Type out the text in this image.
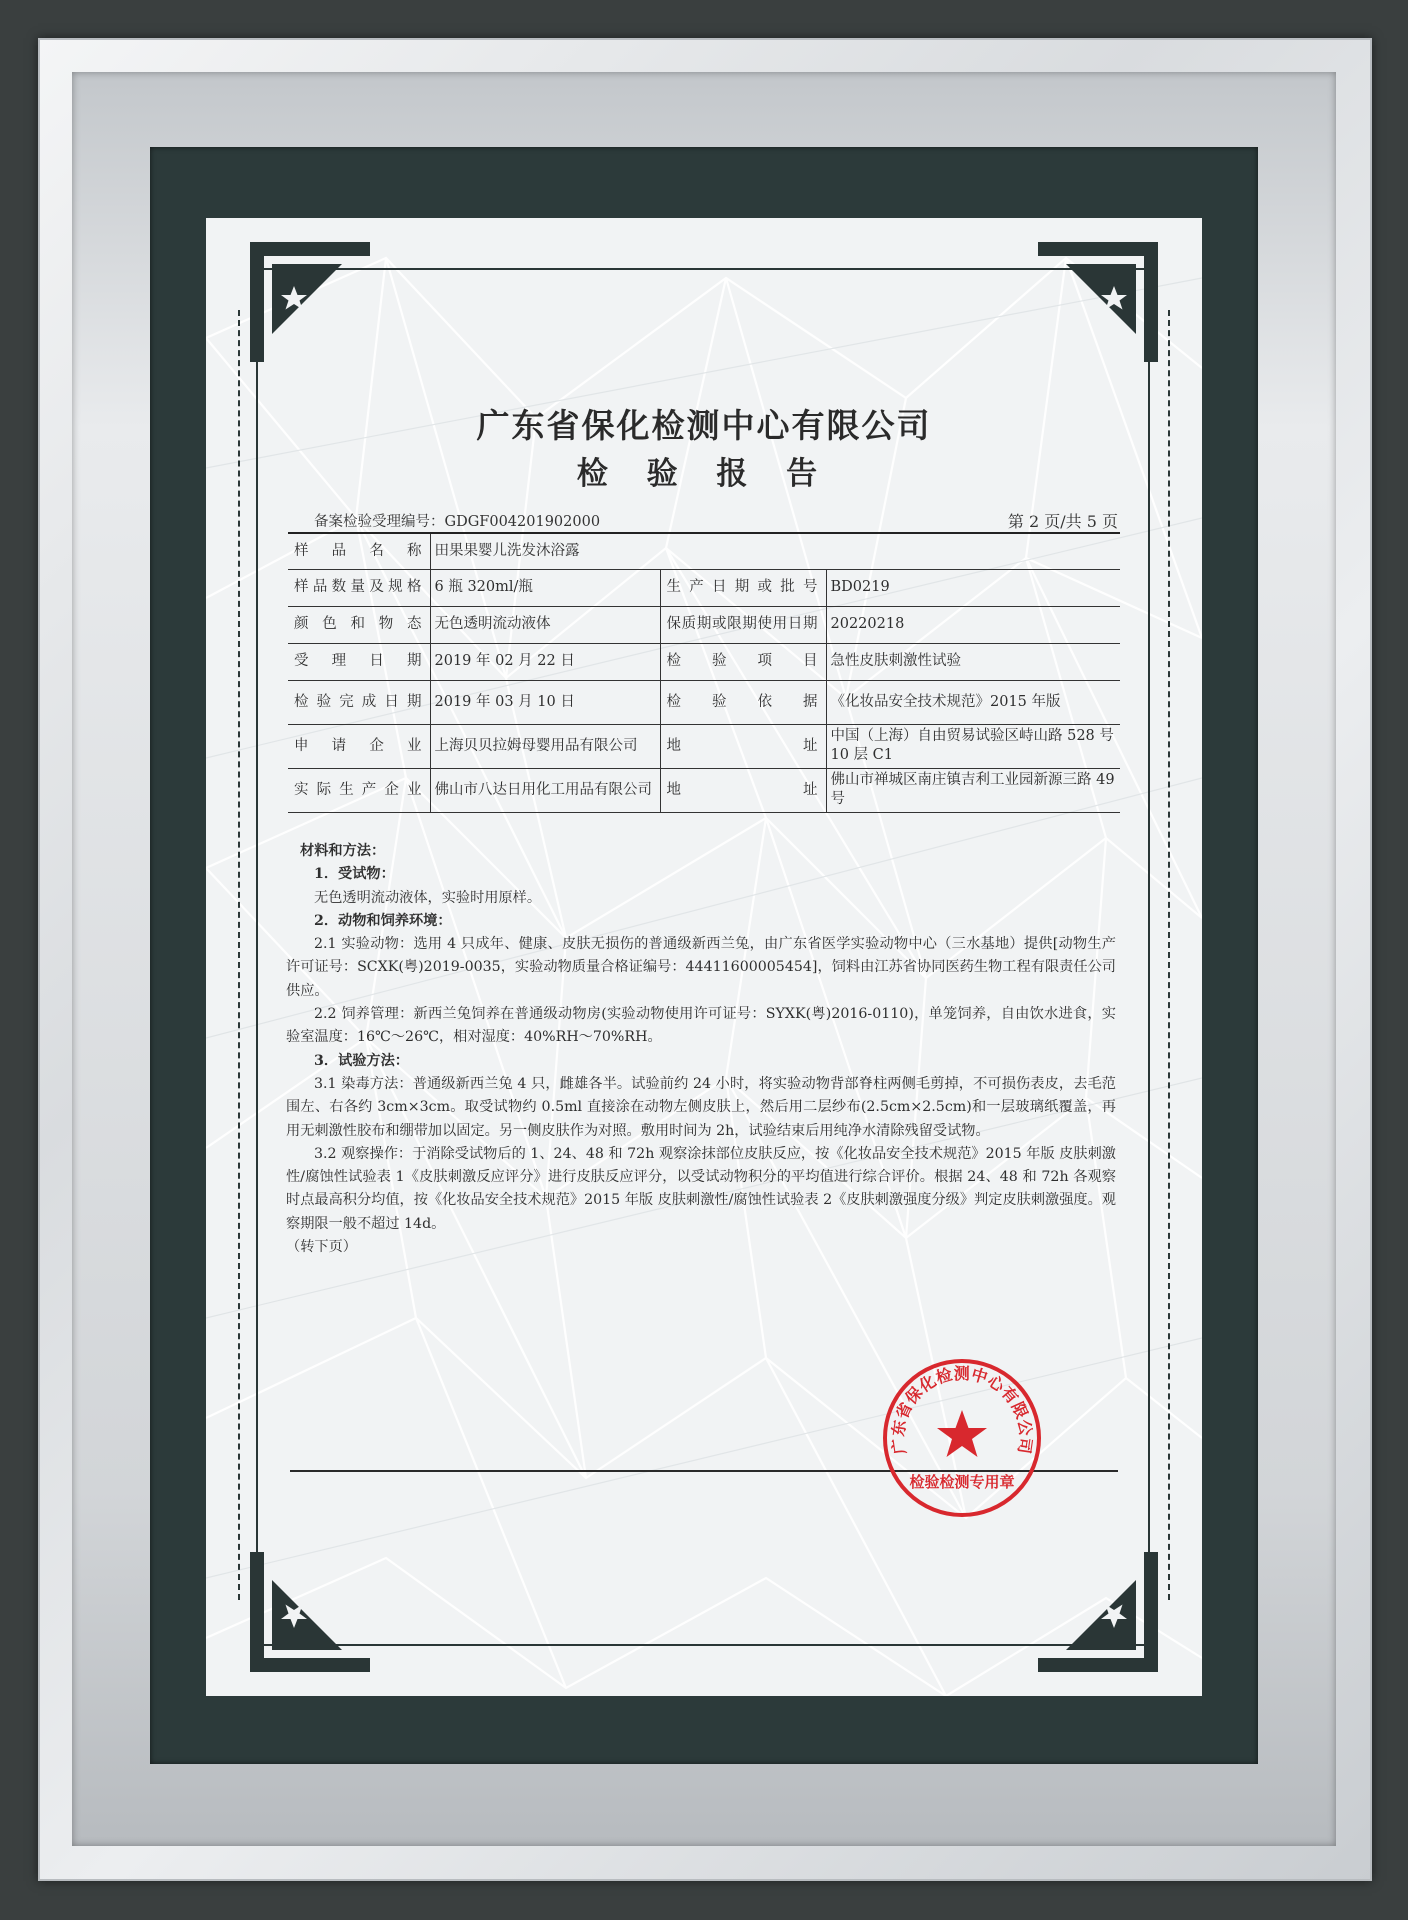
广东省保化检测中心有限公司
检 验 报 告
备案检验受理编号：GDGF004201902000	第 2 页/共 5 页
样品名称	田果果婴儿洗发沐浴露		
样品数量及规格	6 瓶 320ml/瓶	生产日期或批号	BD0219
颜色和物态	无色透明流动液体	保质期或限期使用日期	20220218
受理日期	2019 年 02 月 22 日	检验项目	急性皮肤刺激性试验
检验完成日期	2019 年 03 月 10 日	检验依据	《化妆品安全技术规范》2015 年版
申请企业	上海贝贝拉姆母婴用品有限公司	地址	中国（上海）自由贸易试验区峙山路 528 号 10 层 C1
实际生产企业	佛山市八达日用化工用品有限公司	地址	佛山市禅城区南庄镇吉利工业园新源三路 49 号

材料和方法：

1．受试物：

无色透明流动液体，实验时用原样。

2．动物和饲养环境：

2.1 实验动物：选用 4 只成年、健康、皮肤无损伤的普通级新西兰兔，由广东省医学实验动物中心（三水基地）提供[动物生产许可证号：SCXK(粤)2019-0035，实验动物质量合格证编号：44411600005454]，饲料由江苏省协同医药生物工程有限责任公司供应。

2.2 饲养管理：新西兰兔饲养在普通级动物房(实验动物使用许可证号：SYXK(粤)2016-0110)，单笼饲养，自由饮水进食，实验室温度：16℃～26℃，相对湿度：40%RH～70%RH。

3．试验方法：

3.1 染毒方法：普通级新西兰兔 4 只，雌雄各半。试验前约 24 小时，将实验动物背部脊柱两侧毛剪掉，不可损伤表皮，去毛范围左、右各约 3cm×3cm。取受试物约 0.5ml 直接涂在动物左侧皮肤上，然后用二层纱布(2.5cm×2.5cm)和一层玻璃纸覆盖，再用无刺激性胶布和绷带加以固定。另一侧皮肤作为对照。敷用时间为 2h，试验结束后用纯净水清除残留受试物。

3.2 观察操作：于消除受试物后的 1、24、48 和 72h 观察涂抹部位皮肤反应，按《化妆品安全技术规范》2015 年版 皮肤刺激性/腐蚀性试验表 1《皮肤刺激反应评分》进行皮肤反应评分，以受试动物积分的平均值进行综合评价。根据 24、48 和 72h 各观察时点最高积分均值，按《化妆品安全技术规范》2015 年版 皮肤刺激性/腐蚀性试验表 2《皮肤刺激强度分级》判定皮肤刺激强度。观察期限一般不超过 14d。

（转下页）

广东省保化检测中心有限公司
检验检测专用章
